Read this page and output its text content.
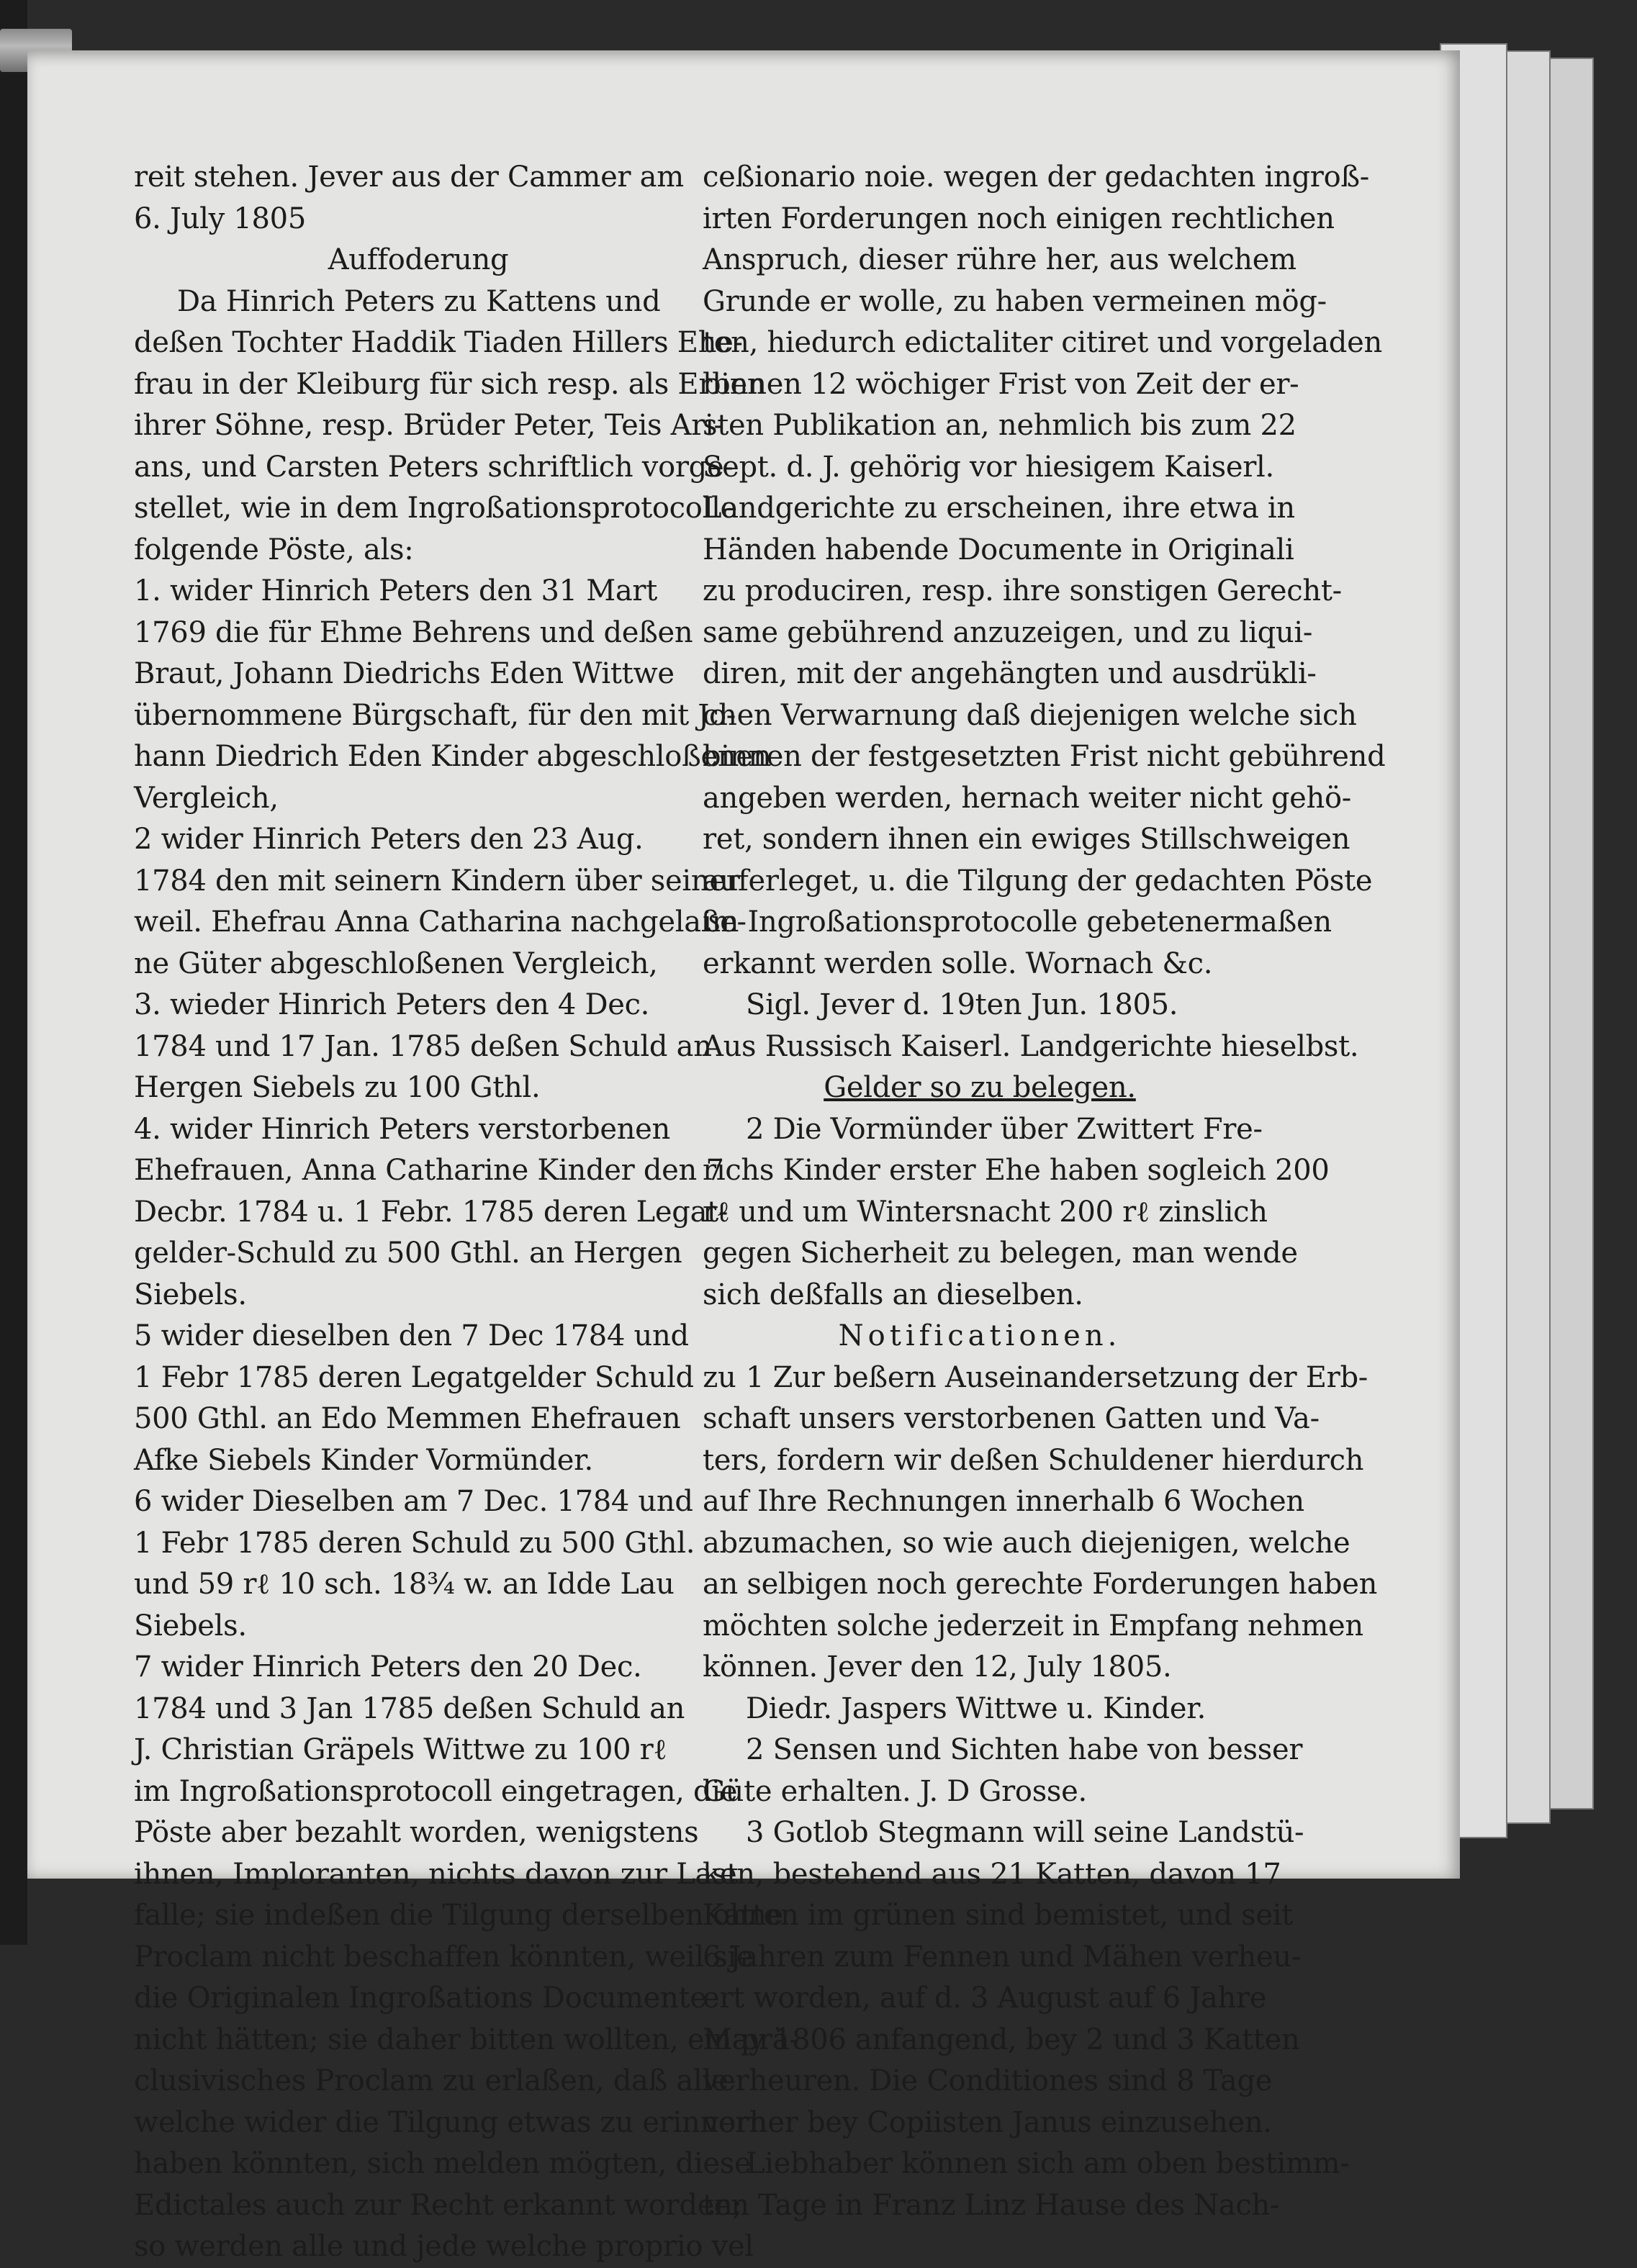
reit stehen. Jever aus der Cammer am
6. July 1805
Auffoderung
Da Hinrich Peters zu Kattens und
deßen Tochter Haddik Tiaden Hillers Ehe-
frau in der Kleiburg für sich resp. als Erben
ihrer Söhne, resp. Brüder Peter, Teis Ari-
ans, und Carsten Peters schriftlich vorge-
stellet, wie in dem Ingroßationsprotocolle
folgende Pöste, als:
1. wider Hinrich Peters den 31 Mart
1769 die für Ehme Behrens und deßen
Braut, Johann Diedrichs Eden Wittwe
übernommene Bürgschaft, für den mit Jo-
hann Diedrich Eden Kinder abgeschloßenen
Vergleich,
2 wider Hinrich Peters den 23 Aug.
1784 den mit seinern Kindern über seiner
weil. Ehefrau Anna Catharina nachgelaße-
ne Güter abgeschloßenen Vergleich,
3. wieder Hinrich Peters den 4 Dec.
1784 und 17 Jan. 1785 deßen Schuld an
Hergen Siebels zu 100 Gthl.
4. wider Hinrich Peters verstorbenen
Ehefrauen, Anna Catharine Kinder den 7
Decbr. 1784 u. 1 Febr. 1785 deren Legat-
gelder-Schuld zu 500 Gthl. an Hergen
Siebels.
5 wider dieselben den 7 Dec 1784 und
1 Febr 1785 deren Legatgelder Schuld zu
500 Gthl. an Edo Memmen Ehefrauen
Afke Siebels Kinder Vormünder.
6 wider Dieselben am 7 Dec. 1784 und
1 Febr 1785 deren Schuld zu 500 Gthl.
und 59 rℓ 10 sch. 18¾ w. an Idde Lau
Siebels.
7 wider Hinrich Peters den 20 Dec.
1784 und 3 Jan 1785 deßen Schuld an
J. Christian Gräpels Wittwe zu 100 rℓ
im Ingroßationsprotocoll eingetragen, die
Pöste aber bezahlt worden, wenigstens
ihnen, Implоranten, nichts davon zur Last
falle; sie indeßen die Tilgung derselben ohne
Proclam nicht beschaffen könnten, weil sie
die Originalen Ingroßations Documente
nicht hätten; sie daher bitten wollten, ein prä-
clusivisches Proclam zu erlaßen, daß alle
welche wider die Tilgung etwas zu erinnern
haben könnten, sich melden mögten, diese
Edictales auch zur Recht erkannt worden;
so werden alle und jede welche proprio vel
ceßionario noie. wegen der gedachten ingroß-
irten Forderungen noch einigen rechtlichen
Anspruch, dieser rühre her, aus welchem
Grunde er wolle, zu haben vermeinen mög-
ten, hiedurch edictaliter citiret und vorgeladen
binnen 12 wöchiger Frist von Zeit der er-
sten Publikation an, nehmlich bis zum 22
Sept. d. J. gehörig vor hiesigem Kaiserl.
Landgerichte zu erscheinen, ihre etwa in
Händen habende Documente in Originali
zu produciren, resp. ihre sonstigen Gerecht-
same gebührend anzuzeigen, und zu liqui-
diren, mit der angehängten und ausdrükli-
chen Verwarnung daß diejenigen welche sich
binnen der festgesetzten Frist nicht gebührend
angeben werden, hernach weiter nicht gehö-
ret, sondern ihnen ein ewiges Stillschweigen
auferleget, u. die Tilgung der gedachten Pöste
im Ingroßationsprotocolle gebetenermaßen
erkannt werden solle. Wornach &c.
Sigl. Jever d. 19ten Jun. 1805.
Aus Russisch Kaiserl. Landgerichte hieselbst.
Gelder so zu belegen.
2 Die Vormünder über Zwittert Fre-
richs Kinder erster Ehe haben sogleich 200
rℓ und um Wintersnacht 200 rℓ zinslich
gegen Sicherheit zu belegen, man wende
sich deßfalls an dieselben.
Notificationen.
1 Zur beßern Auseinandersetzung der Erb-
schaft unsers verstorbenen Gatten und Va-
ters, fordern wir deßen Schuldener hierdurch
auf Ihre Rechnungen innerhalb 6 Wochen
abzumachen, so wie auch diejenigen, welche
an selbigen noch gerechte Forderungen haben
möchten solche jederzeit in Empfang nehmen
können. Jever den 12, July 1805.
Diedr. Jaspers Wittwe u. Kinder.
2 Sensen und Sichten habe von besser
Güte erhalten. J. D Grosse.
3 Gotlob Stegmann will seine Landstü-
ken, bestehend aus 21 Katten, davon 17
Katten im grünen sind bemistet, und seit
6 Jahren zum Fennen und Mähen verheu-
ert worden, auf d. 3 August auf 6 Jahre
May 1806 anfangend, bey 2 und 3 Katten
verheuren. Die Conditiones sind 8 Tage
vorher bey Copiisten Janus einzusehen.
Liebhaber können sich am oben bestimm-
ten Tage in Franz Linz Hause des Nach-
